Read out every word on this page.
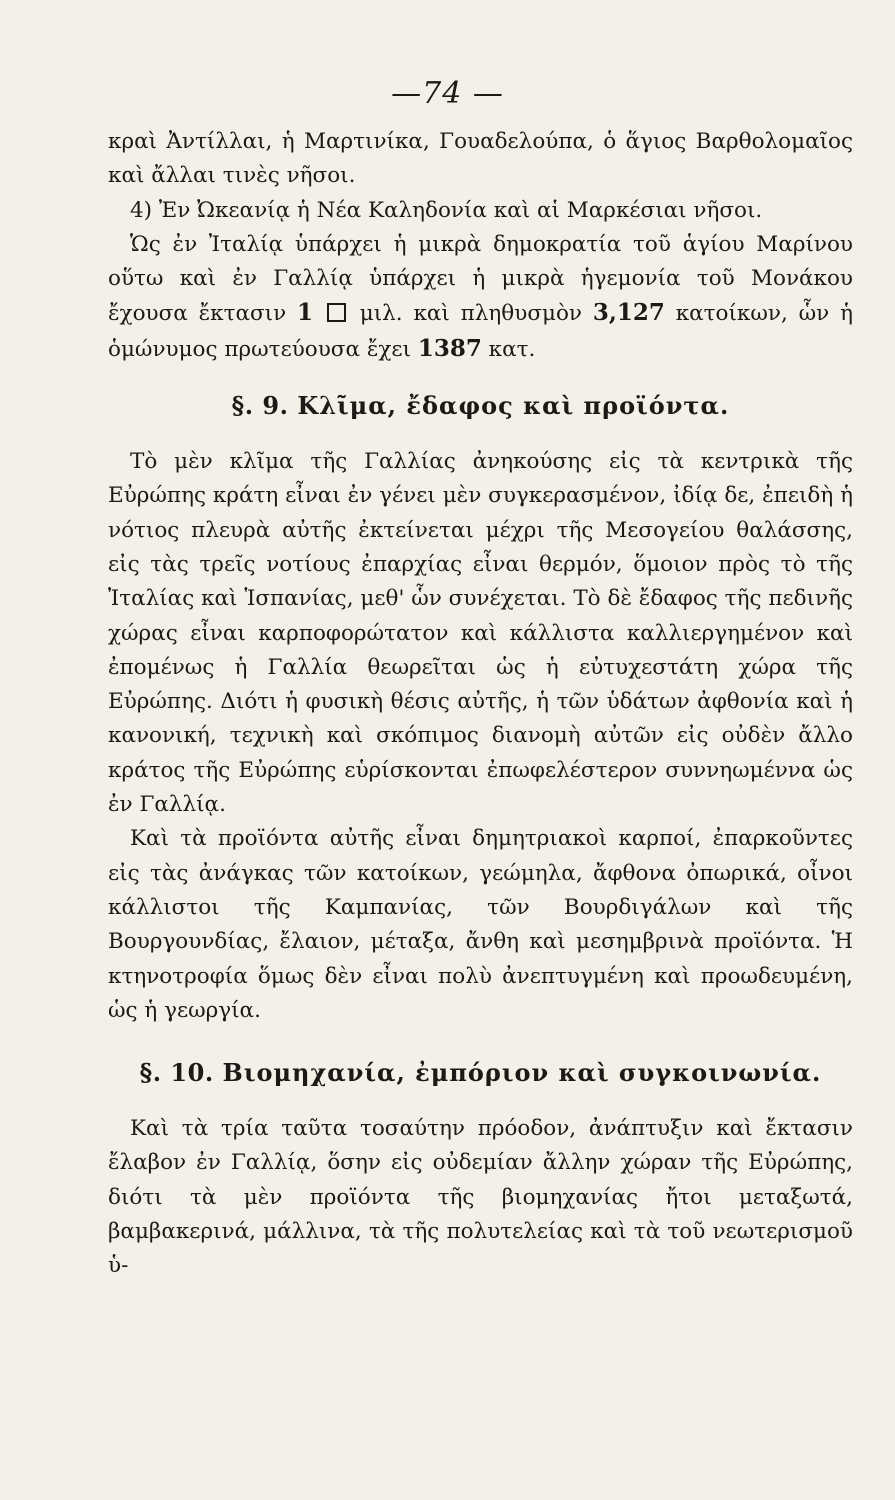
—74 —

κραὶ Ἀντίλλαι, ἡ Μαρτινίκα, Γουαδελούπα, ὁ ἅγιος Βαρθολομαῖος καὶ ἄλλαι τινὲς νῆσοι.

4) Ἐν Ὠκεανίᾳ ἡ Νέα Καληδονία καὶ αἱ Μαρκέσιαι νῆσοι.

Ὡς ἐν Ἰταλίᾳ ὑπάρχει ἡ μικρὰ δημοκρατία τοῦ ἁγίου Μαρίνου οὕτω καὶ ἐν Γαλλίᾳ ὑπάρχει ἡ μικρὰ ἡγεμονία τοῦ Μονάκου ἔχουσα ἔκτασιν 1 μιλ. καὶ πληθυσμὸν 3,127 κατοίκων, ὧν ἡ ὁμώνυμος πρωτεύουσα ἔχει 1387 κατ.

§. 9. Κλῖμα, ἔδαφος καὶ προϊόντα.

Τὸ μὲν κλῖμα τῆς Γαλλίας ἀνηκούσης εἰς τὰ κεντρικὰ τῆς Εὐρώπης κράτη εἶναι ἐν γένει μὲν συγκερασμένον, ἰδίᾳ δε, ἐπειδὴ ἡ νότιος πλευρὰ αὐτῆς ἐκτείνεται μέχρι τῆς Μεσογείου θαλάσσης, εἰς τὰς τρεῖς νοτίους ἐπαρχίας εἶναι θερμόν, ὅμοιον πρὸς τὸ τῆς Ἰταλίας καὶ Ἱσπανίας, μεθ' ὧν συνέχεται. Τὸ δὲ ἔδαφος τῆς πεδινῆς χώρας εἶναι καρποφορώτατον καὶ κάλλιστα καλλιεργημένον καὶ ἐπομένως ἡ Γαλλία θεωρεῖται ὡς ἡ εὐτυχεστάτη χώρα τῆς Εὐρώπης. Διότι ἡ φυσικὴ θέσις αὐτῆς, ἡ τῶν ὑδάτων ἀφθονία καὶ ἡ κανονική, τεχνικὴ καὶ σκόπιμος διανομὴ αὐτῶν εἰς οὐδὲν ἄλλο κράτος τῆς Εὐρώπης εὑρίσκονται ἐπωφελέστερον συννηωμέννα ὡς ἐν Γαλλίᾳ.

Καὶ τὰ προϊόντα αὐτῆς εἶναι δημητριακοὶ καρποί, ἐπαρκοῦντες εἰς τὰς ἀνάγκας τῶν κατοίκων, γεώμηλα, ἄφθονα ὀπωρικά, οἶνοι κάλλιστοι τῆς Καμπανίας, τῶν Βουρδιγάλων καὶ τῆς Βουργουνδίας, ἔλαιον, μέταξα, ἄνθη καὶ μεσημβρινὰ προϊόντα. Ἡ κτηνοτροφία ὅμως δὲν εἶναι πολὺ ἀνεπτυγμένη καὶ προωδευμένη, ὡς ἡ γεωργία.

§. 10. Βιομηχανία, ἐμπόριον καὶ συγκοινωνία.

Καὶ τὰ τρία ταῦτα τοσαύτην πρόοδον, ἀνάπτυξιν καὶ ἔκτασιν ἔλαβον ἐν Γαλλίᾳ, ὅσην εἰς οὐδεμίαν ἄλλην χώραν τῆς Εὐρώπης, διότι τὰ μὲν προϊόντα τῆς βιομηχανίας ἤτοι μεταξωτά, βαμβακερινά, μάλλινα, τὰ τῆς πολυτελείας καὶ τὰ τοῦ νεωτερισμοῦ ὑ-
